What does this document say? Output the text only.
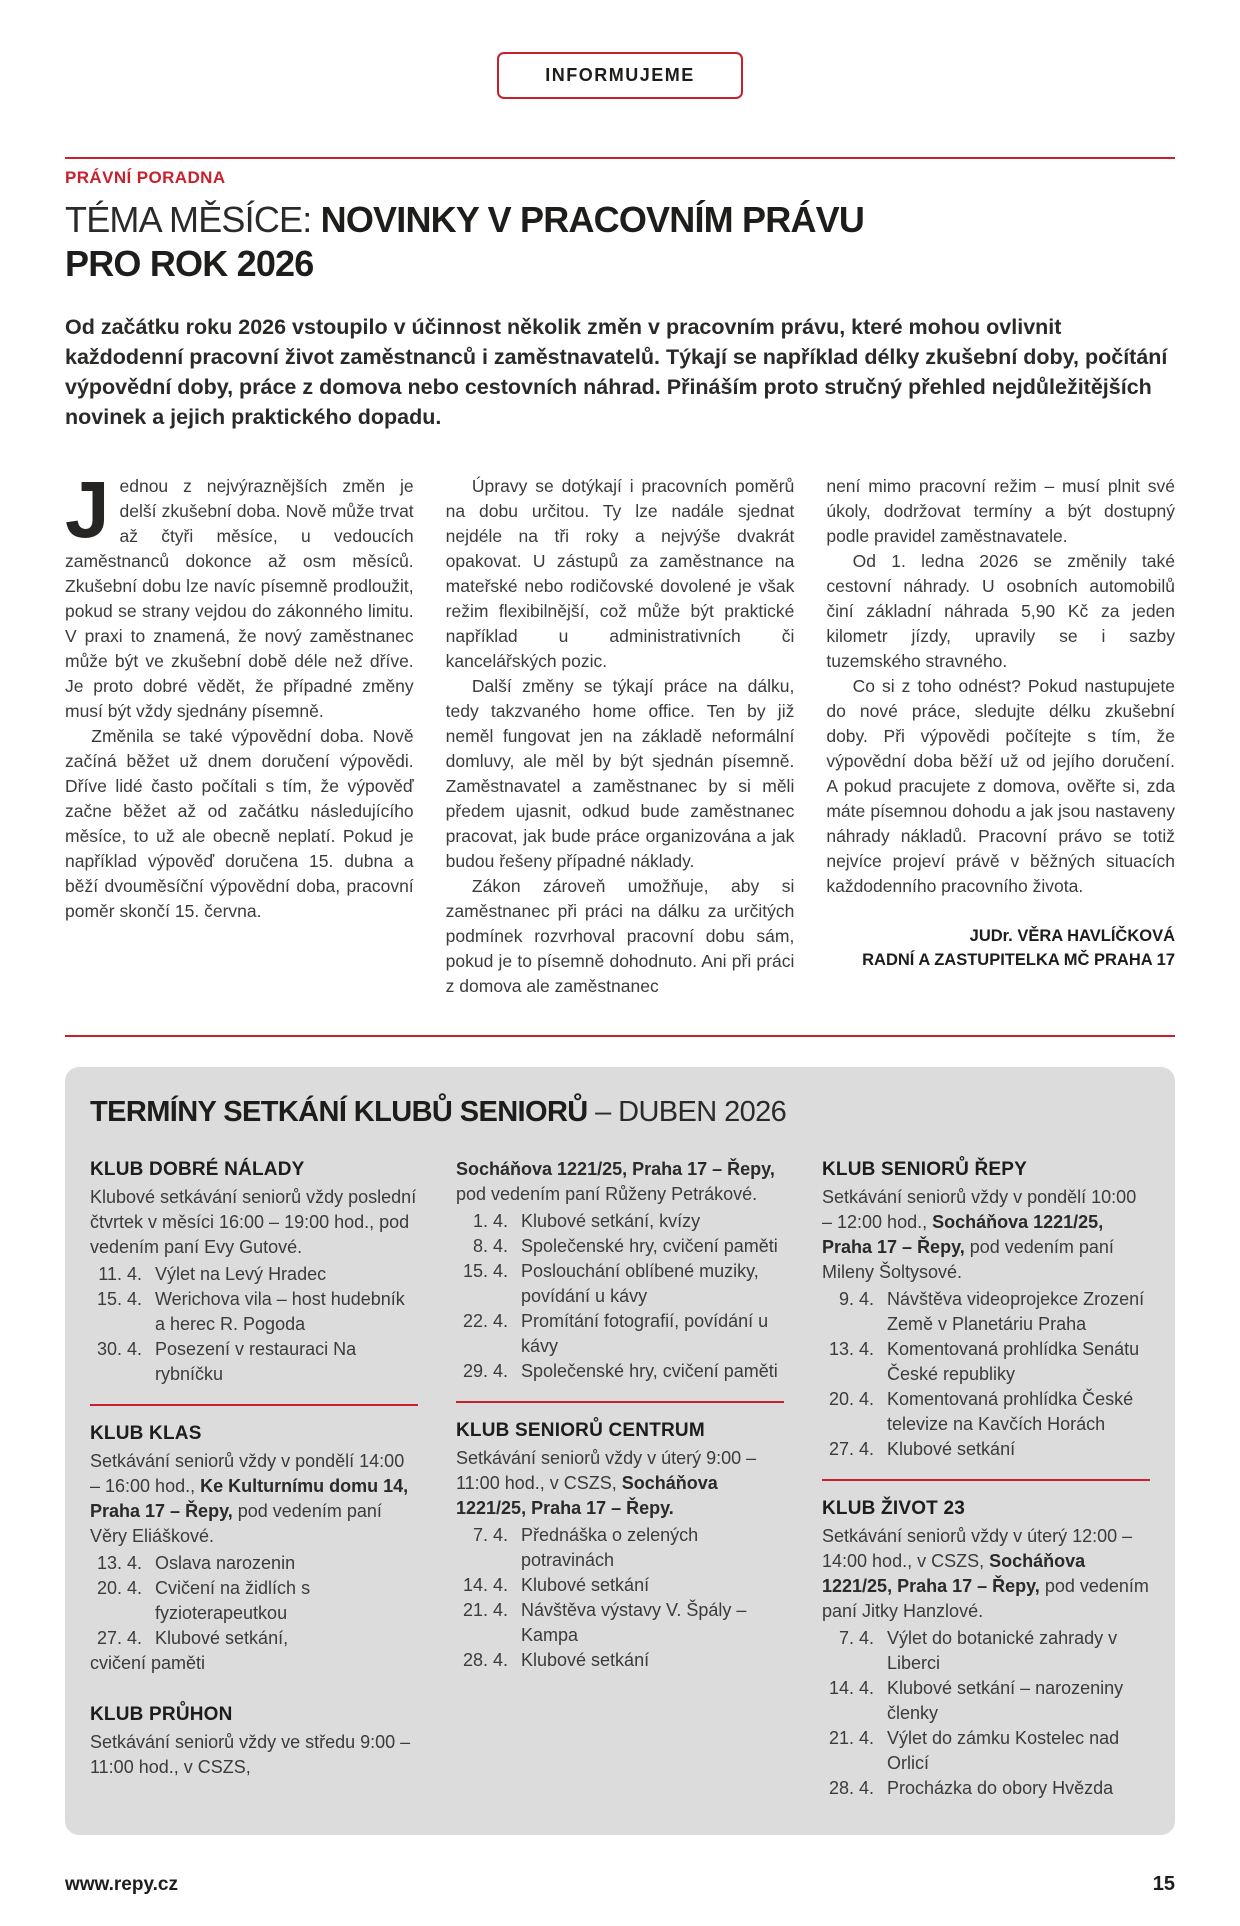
INFORMUJEME
PRÁVNÍ PORADNA
TÉMA MĚSÍCE: NOVINKY V PRACOVNÍM PRÁVU
PRO ROK 2026
Od začátku roku 2026 vstoupilo v účinnost několik změn v pracovním právu, které mohou ovlivnit každodenní pracovní život zaměstnanců i zaměstnavatelů. Týkají se například délky zkušební doby, počítání výpovědní doby, práce z domova nebo cestovních náhrad. Přináším proto stručný přehled nejdůležitějších novinek a jejich praktického dopadu.

Jednou z nejvýraznějších změn je delší zkušební doba. Nově může trvat až čtyři měsíce, u vedoucích zaměstnanců dokonce až osm měsíců. Zkušební dobu lze navíc písemně prodloužit, pokud se strany vejdou do zákonného limitu. V praxi to znamená, že nový zaměstnanec může být ve zkušební době déle než dříve. Je proto dobré vědět, že případné změny musí být vždy sjednány písemně.

Změnila se také výpovědní doba. Nově začíná běžet už dnem doručení výpovědi. Dříve lidé často počítali s tím, že výpověď začne běžet až od začátku následujícího měsíce, to už ale obecně neplatí. Pokud je například výpověď doručena 15. dubna a běží dvouměsíční výpovědní doba, pracovní poměr skončí 15. června.

Úpravy se dotýkají i pracovních poměrů na dobu určitou. Ty lze nadále sjednat nejdéle na tři roky a nejvýše dvakrát opakovat. U zástupů za zaměstnance na mateřské nebo rodičovské dovolené je však režim flexibilnější, což může být praktické například u administrativních či kancelářských pozic.

Další změny se týkají práce na dálku, tedy takzvaného home office. Ten by již neměl fungovat jen na základě neformální domluvy, ale měl by být sjednán písemně. Zaměstnavatel a zaměstnanec by si měli předem ujasnit, odkud bude zaměstnanec pracovat, jak bude práce organizována a jak budou řešeny případné náklady.

Zákon zároveň umožňuje, aby si zaměstnanec při práci na dálku za určitých podmínek rozvrhoval pracovní dobu sám, pokud je to písemně dohodnuto. Ani při práci z domova ale zaměstnanec

není mimo pracovní režim – musí plnit své úkoly, dodržovat termíny a být dostupný podle pravidel zaměstnavatele.

Od 1. ledna 2026 se změnily také cestovní náhrady. U osobních automobilů činí základní náhrada 5,90 Kč za jeden kilometr jízdy, upravily se i sazby tuzemského stravného.

Co si z toho odnést? Pokud nastupujete do nové práce, sledujte délku zkušební doby. Při výpovědi počítejte s tím, že výpovědní doba běží už od jejího doručení. A pokud pracujete z domova, ověřte si, zda máte písemnou dohodu a jak jsou nastaveny náhrady nákladů. Pracovní právo se totiž nejvíce projeví právě v běžných situacích každodenního pracovního života.

JUDr. VĚRA HAVLÍČKOVÁ
RADNÍ A ZASTUPITELKA MČ PRAHA 17
TERMÍNY SETKÁNÍ KLUBŮ SENIORŮ – DUBEN 2026

KLUB DOBRÉ NÁLADY

Klubové setkávání seniorů vždy poslední čtvrtek v měsíci 16:00 – 19:00 hod., pod vedením paní Evy Gutové.

11. 4. Výlet na Levý Hradec
15. 4. Werichova vila – host hudebník a herec R. Pogoda
30. 4. Posezení v restauraci Na rybníčku

KLUB KLAS

Setkávání seniorů vždy v pondělí 14:00 – 16:00 hod., Ke Kulturnímu domu 14, Praha 17 – Řepy, pod vedením paní Věry Eliáškové.

13. 4. Oslava narozenin
20. 4. Cvičení na židlích s fyzioterapeutkou
27. 4. Klubové setkání,

cvičení paměti

KLUB PRŮHON

Setkávání seniorů vždy ve středu 9:00 – 11:00 hod., v CSZS,

Socháňova 1221/25, Praha 17 – Řepy, pod vedením paní Růženy Petrákové.

1. 4. Klubové setkání, kvízy
8. 4. Společenské hry, cvičení paměti
15. 4. Poslouchání oblíbené muziky, povídání u kávy
22. 4. Promítání fotografií, povídání u kávy
29. 4. Společenské hry, cvičení paměti

KLUB SENIORŮ CENTRUM

Setkávání seniorů vždy v úterý 9:00 – 11:00 hod., v CSZS, Socháňova 1221/25, Praha 17 – Řepy.

7. 4. Přednáška o zelených potravinách
14. 4. Klubové setkání
21. 4. Návštěva výstavy V. Špály – Kampa
28. 4. Klubové setkání

KLUB SENIORŮ ŘEPY

Setkávání seniorů vždy v pondělí 10:00 – 12:00 hod., Socháňova 1221/25, Praha 17 – Řepy, pod vedením paní Mileny Šoltysové.

9. 4. Návštěva videoprojekce Zrození Země v Planetáriu Praha
13. 4. Komentovaná prohlídka Senátu České republiky
20. 4. Komentovaná prohlídka České televize na Kavčích Horách
27. 4. Klubové setkání

KLUB ŽIVOT 23

Setkávání seniorů vždy v úterý 12:00 – 14:00 hod., v CSZS, Socháňova 1221/25, Praha 17 – Řepy, pod vedením paní Jitky Hanzlové.

7. 4. Výlet do botanické zahrady v Liberci
14. 4. Klubové setkání – narozeniny členky
21. 4. Výlet do zámku Kostelec nad Orlicí
28. 4. Procházka do obory Hvězda
www.repy.cz	15
